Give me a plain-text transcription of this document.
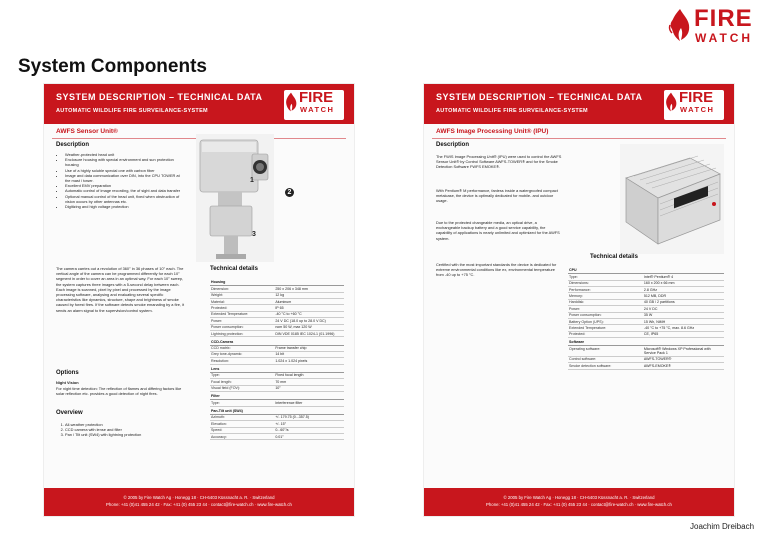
System Components
FIRE
WATCH
SYSTEM DESCRIPTION – TECHNICAL DATA
AUTOMATIC WILDLIFE FIRE SURVEILANCE-SYSTEM
FIRE
WATCH
AWFS Sensor Unit®
Description
• Weather-protected head unit
• Enclosure housing with special environment and sun protection housing
• Use of a highly soluble special one with carbon fiber
• Image and data communication over DIN, into the CPU TOWER at the mast / tower.
• Excellent EMV preparation
• Automatic control of image recording, the of sight and data transfer
• Optional manual control of the head unit, fixed when obstruction of vision occurs by other antennas etc.
• Digitizing and high voltage protection
The camera carries out a revolution of 360° in 36 phases of 10° each. The vertical angle of the camera can be programmed differently for each 10° segment in order to cover an area in an optimal way. For each 10° sweep, the system captures three images with a 5-second delay between each. Each image is scanned, pixel by pixel and processed by the image processing software, analysing and evaluating several specific characteristics like dynamics, structure, shape and brightness of smoke caused by forest fires. If the software detects smoke emanating by a fire, it sends an alarm signal to the supervision/control system.
Options
Night Vision
For night time detection: The reflection of flames and differing factors like solar reflection etc. provides a good detection of night fires.
Overview
1. All-weather protection
2. CCD camera with lense and filter
3. Pan / Tilt unit (SW4) with lightning protection
1
2
3
Technical details
Housing	
Dimension:	250 x 206 x 348 mm
Weight:	12 kg
Material:	Aluminum
Protected:	IP 65
Extended Temperature:	-40 °C to +60 °C
Power:	24 V DC (18.0 up to 28.0 V DC)
Power consumption:	nom 50 W, max 120 W
Lightning protection:	DIN VDE 0185 IEC 1024-1 (01.1996)
CCD-Camera	
CCD matrix:	Frame transfer chip
Grey tone-dynamic:	14 bit
Resolution:	1.024 x 1.024 pixels
Lens	
Type:	Fixed focal length
Focal length:	70 mm
Visual field (FOV):	10°
Filter	
Type:	Interference filter
Pan-Tilt unit (SW4)	
Azimuth:	+/- 179.75 (0...357.5)
Elevation:	+/- 15°
Speed:	0...60°/s
Accuracy:	0.01°
© 2005 by Fire Watch Ag · Honegg 18 · CH-6403 Küssnacht a. R. · Switzerland
Phone: +41 (0)41 455 24 42 · Fax: +41 (0) 455 23 44 · contact@fire-watch.ch · www.fire-watch.ch
SYSTEM DESCRIPTION – TECHNICAL DATA
AUTOMATIC WILDLIFE FIRE SURVEILANCE-SYSTEM
FIRE
WATCH
AWFS Image Processing Unit® (IPU)
Description
The FWIS Image Processing Unit® (IPU) were used to control the AWFS Sensor Unit® by Control Software AWFS-TOWER® and for the Smoke Detection Software FWFS EMOKE®.
With Pentium® M performance, fanless inside a watergroofed compact metalcase, the device is optimally dedicated for mobile- and outdoor usage.
Due to the protected changeable media, an optical drive, a exchangeable backup battery and a good service capability, the capability of applications is nearly unlimited and optimized for the AWFS system.
Certified with the most important standards the device is dedicated for extreme environmental conditions like ex, environmental temperature from -40 up to +75 °C.
Technical details
CPU	
Type:	Intel® Pentium® 4
Dimensions:	160 x 200 x 66 mm
Performance:	2.8 GHz
Memory:	512 MB, DDR
Harddisk:	40 GB / 2 partitions
Power:	24 V DC
Power consumption:	35 W
Battery Option (UPS):	15 Wh, NiMH
Extended Temperature:	-40 °C to +75 °C, max. 8.6 GHz
Protected:	CE, IP65
Software	
Operating software:	Microsoft® Windows XP Professional with Service Pack 1
Control software:	AWFS-TOWER®
Smoke detection software:	AWFS-EMOKE®
© 2005 by Fire Watch Ag · Honegg 18 · CH-6403 Küssnacht a. R. · Switzerland
Phone: +41 (0)41 455 24 42 · Fax: +41 (0) 455 23 44 · contact@fire-watch.ch · www.fire-watch.ch
Joachim Dreibach
